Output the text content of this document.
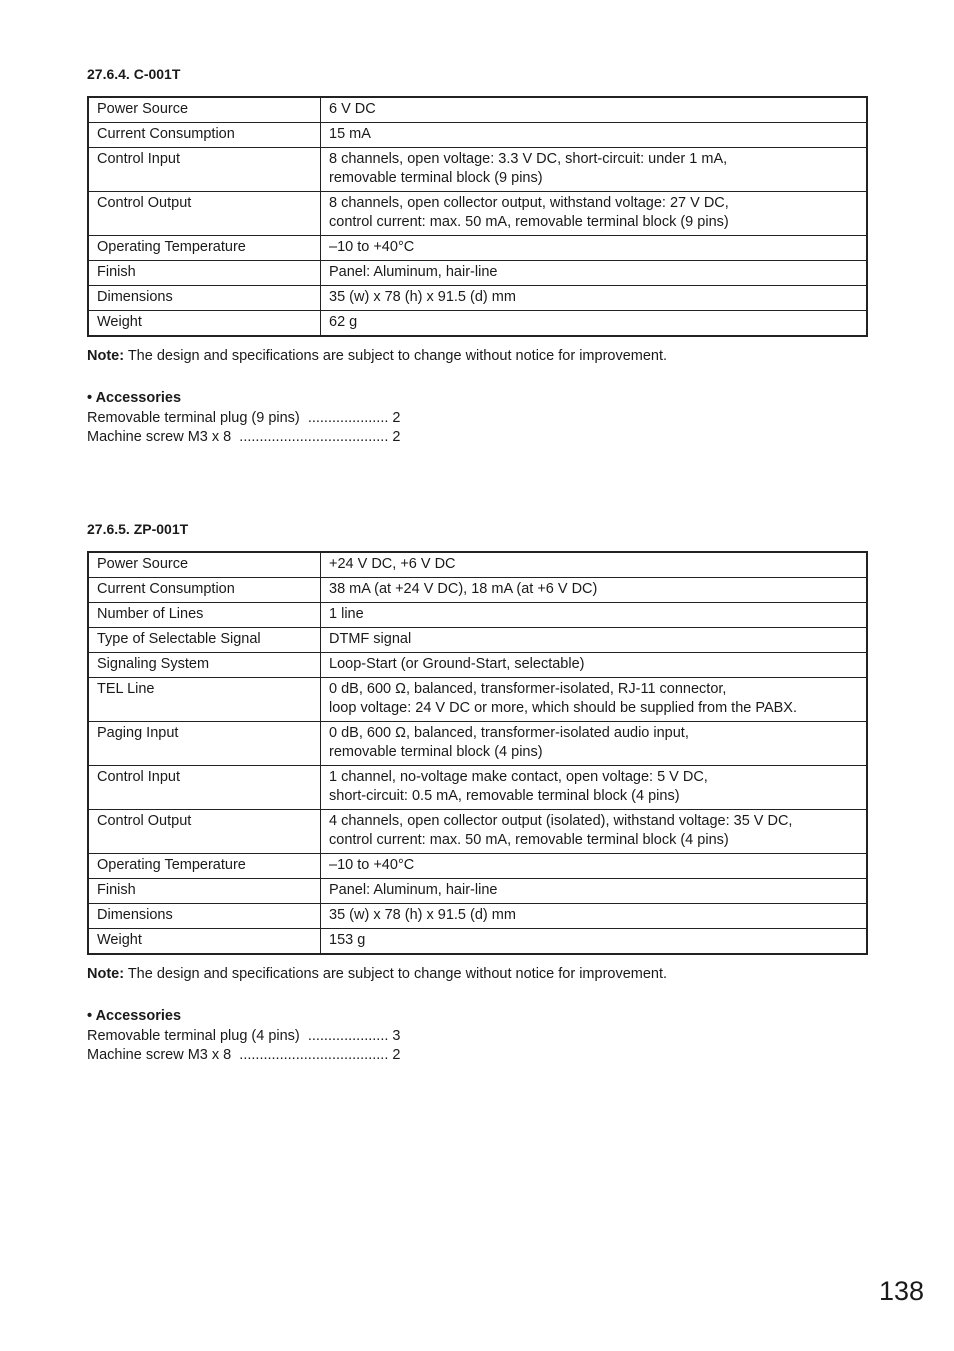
27.6.4. C-001T
Power Source	6 V DC

Current Consumption	15 mA

Control Input	8 channels, open voltage: 3.3 V DC, short-circuit: under 1 mA,
removable terminal block (9 pins)

Control Output	8 channels, open collector output, withstand voltage: 27 V DC,
control current: max. 50 mA, removable terminal block (9 pins)

Operating Temperature	–10 to +40°C

Finish	Panel: Aluminum, hair-line

Dimensions	35 (w) x 78 (h) x 91.5 (d) mm

Weight	62 g
Note: The design and specifications are subject to change without notice for improvement.
• Accessories
Removable terminal plug (9 pins)  .................... 2
Machine screw M3 x 8  ..................................... 2
27.6.5. ZP-001T
Power Source	+24 V DC, +6 V DC

Current Consumption	38 mA (at +24 V DC), 18 mA (at +6 V DC)

Number of Lines	1 line

Type of Selectable Signal	DTMF signal

Signaling System	Loop-Start (or Ground-Start, selectable)

TEL Line	0 dB, 600 Ω, balanced, transformer-isolated, RJ-11 connector,
loop voltage: 24 V DC or more, which should be supplied from the PABX.

Paging Input	0 dB, 600 Ω, balanced, transformer-isolated audio input,
removable terminal block (4 pins)

Control Input	1 channel, no-voltage make contact, open voltage: 5 V DC,
short-circuit: 0.5 mA, removable terminal block (4 pins)

Control Output	4 channels, open collector output (isolated), withstand voltage: 35 V DC,
control current: max. 50 mA, removable terminal block (4 pins)

Operating Temperature	–10 to +40°C

Finish	Panel: Aluminum, hair-line

Dimensions	35 (w) x 78 (h) x 91.5 (d) mm

Weight	153 g
Note: The design and specifications are subject to change without notice for improvement.
• Accessories
Removable terminal plug (4 pins)  .................... 3
Machine screw M3 x 8  ..................................... 2
138
